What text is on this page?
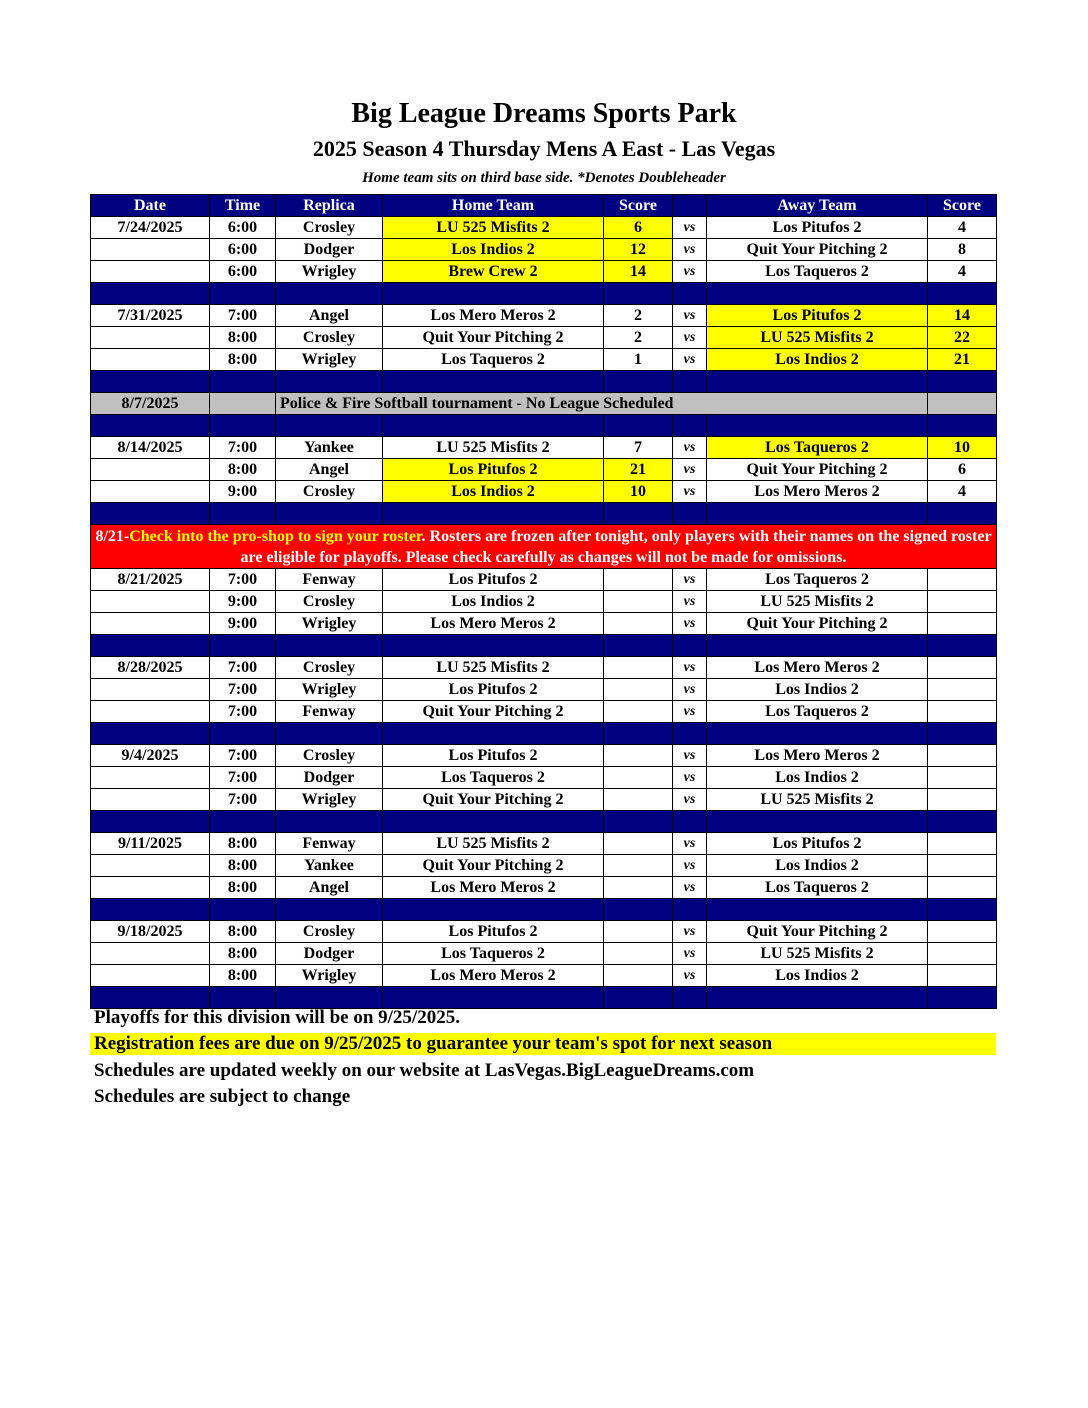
Big League Dreams Sports Park
2025 Season 4 Thursday Mens A East - Las Vegas
Home team sits on third base side. *Denotes Doubleheader
Date	Time	Replica	Home Team	Score		Away Team	Score
7/24/2025	6:00	Crosley	LU 525 Misfits 2	6	vs	Los Pitufos 2	4
	6:00	Dodger	Los Indios 2	12	vs	Quit Your Pitching 2	8
	6:00	Wrigley	Brew Crew 2	14	vs	Los Taqueros 2	4

7/31/2025	7:00	Angel	Los Mero Meros 2	2	vs	Los Pitufos 2	14
	8:00	Crosley	Quit Your Pitching 2	2	vs	LU 525 Misfits 2	22
	8:00	Wrigley	Los Taqueros 2	1	vs	Los Indios 2	21

8/7/2025		Police & Fire Softball tournament - No League Scheduled					

8/14/2025	7:00	Yankee	LU 525 Misfits 2	7	vs	Los Taqueros 2	10
	8:00	Angel	Los Pitufos 2	21	vs	Quit Your Pitching 2	6
	9:00	Crosley	Los Indios 2	10	vs	Los Mero Meros 2	4

8/21-Check into the pro-shop to sign your roster. Rosters are frozen after tonight, only players with their names on the signed roster are eligible for playoffs. Please check carefully as changes will not be made for omissions.							
8/21/2025	7:00	Fenway	Los Pitufos 2		vs	Los Taqueros 2	
	9:00	Crosley	Los Indios 2		vs	LU 525 Misfits 2	
	9:00	Wrigley	Los Mero Meros 2		vs	Quit Your Pitching 2	

8/28/2025	7:00	Crosley	LU 525 Misfits 2		vs	Los Mero Meros 2	
	7:00	Wrigley	Los Pitufos 2		vs	Los Indios 2	
	7:00	Fenway	Quit Your Pitching 2		vs	Los Taqueros 2	

9/4/2025	7:00	Crosley	Los Pitufos 2		vs	Los Mero Meros 2	
	7:00	Dodger	Los Taqueros 2		vs	Los Indios 2	
	7:00	Wrigley	Quit Your Pitching 2		vs	LU 525 Misfits 2	

9/11/2025	8:00	Fenway	LU 525 Misfits 2		vs	Los Pitufos 2	
	8:00	Yankee	Quit Your Pitching 2		vs	Los Indios 2	
	8:00	Angel	Los Mero Meros 2		vs	Los Taqueros 2	

9/18/2025	8:00	Crosley	Los Pitufos 2		vs	Quit Your Pitching 2	
	8:00	Dodger	Los Taqueros 2		vs	LU 525 Misfits 2	
	8:00	Wrigley	Los Mero Meros 2		vs	Los Indios 2	

Playoffs for this division will be on 9/25/2025.
Registration fees are due on 9/25/2025 to guarantee your team's spot for next season
Schedules are updated weekly on our website at LasVegas.BigLeagueDreams.com
Schedules are subject to change
